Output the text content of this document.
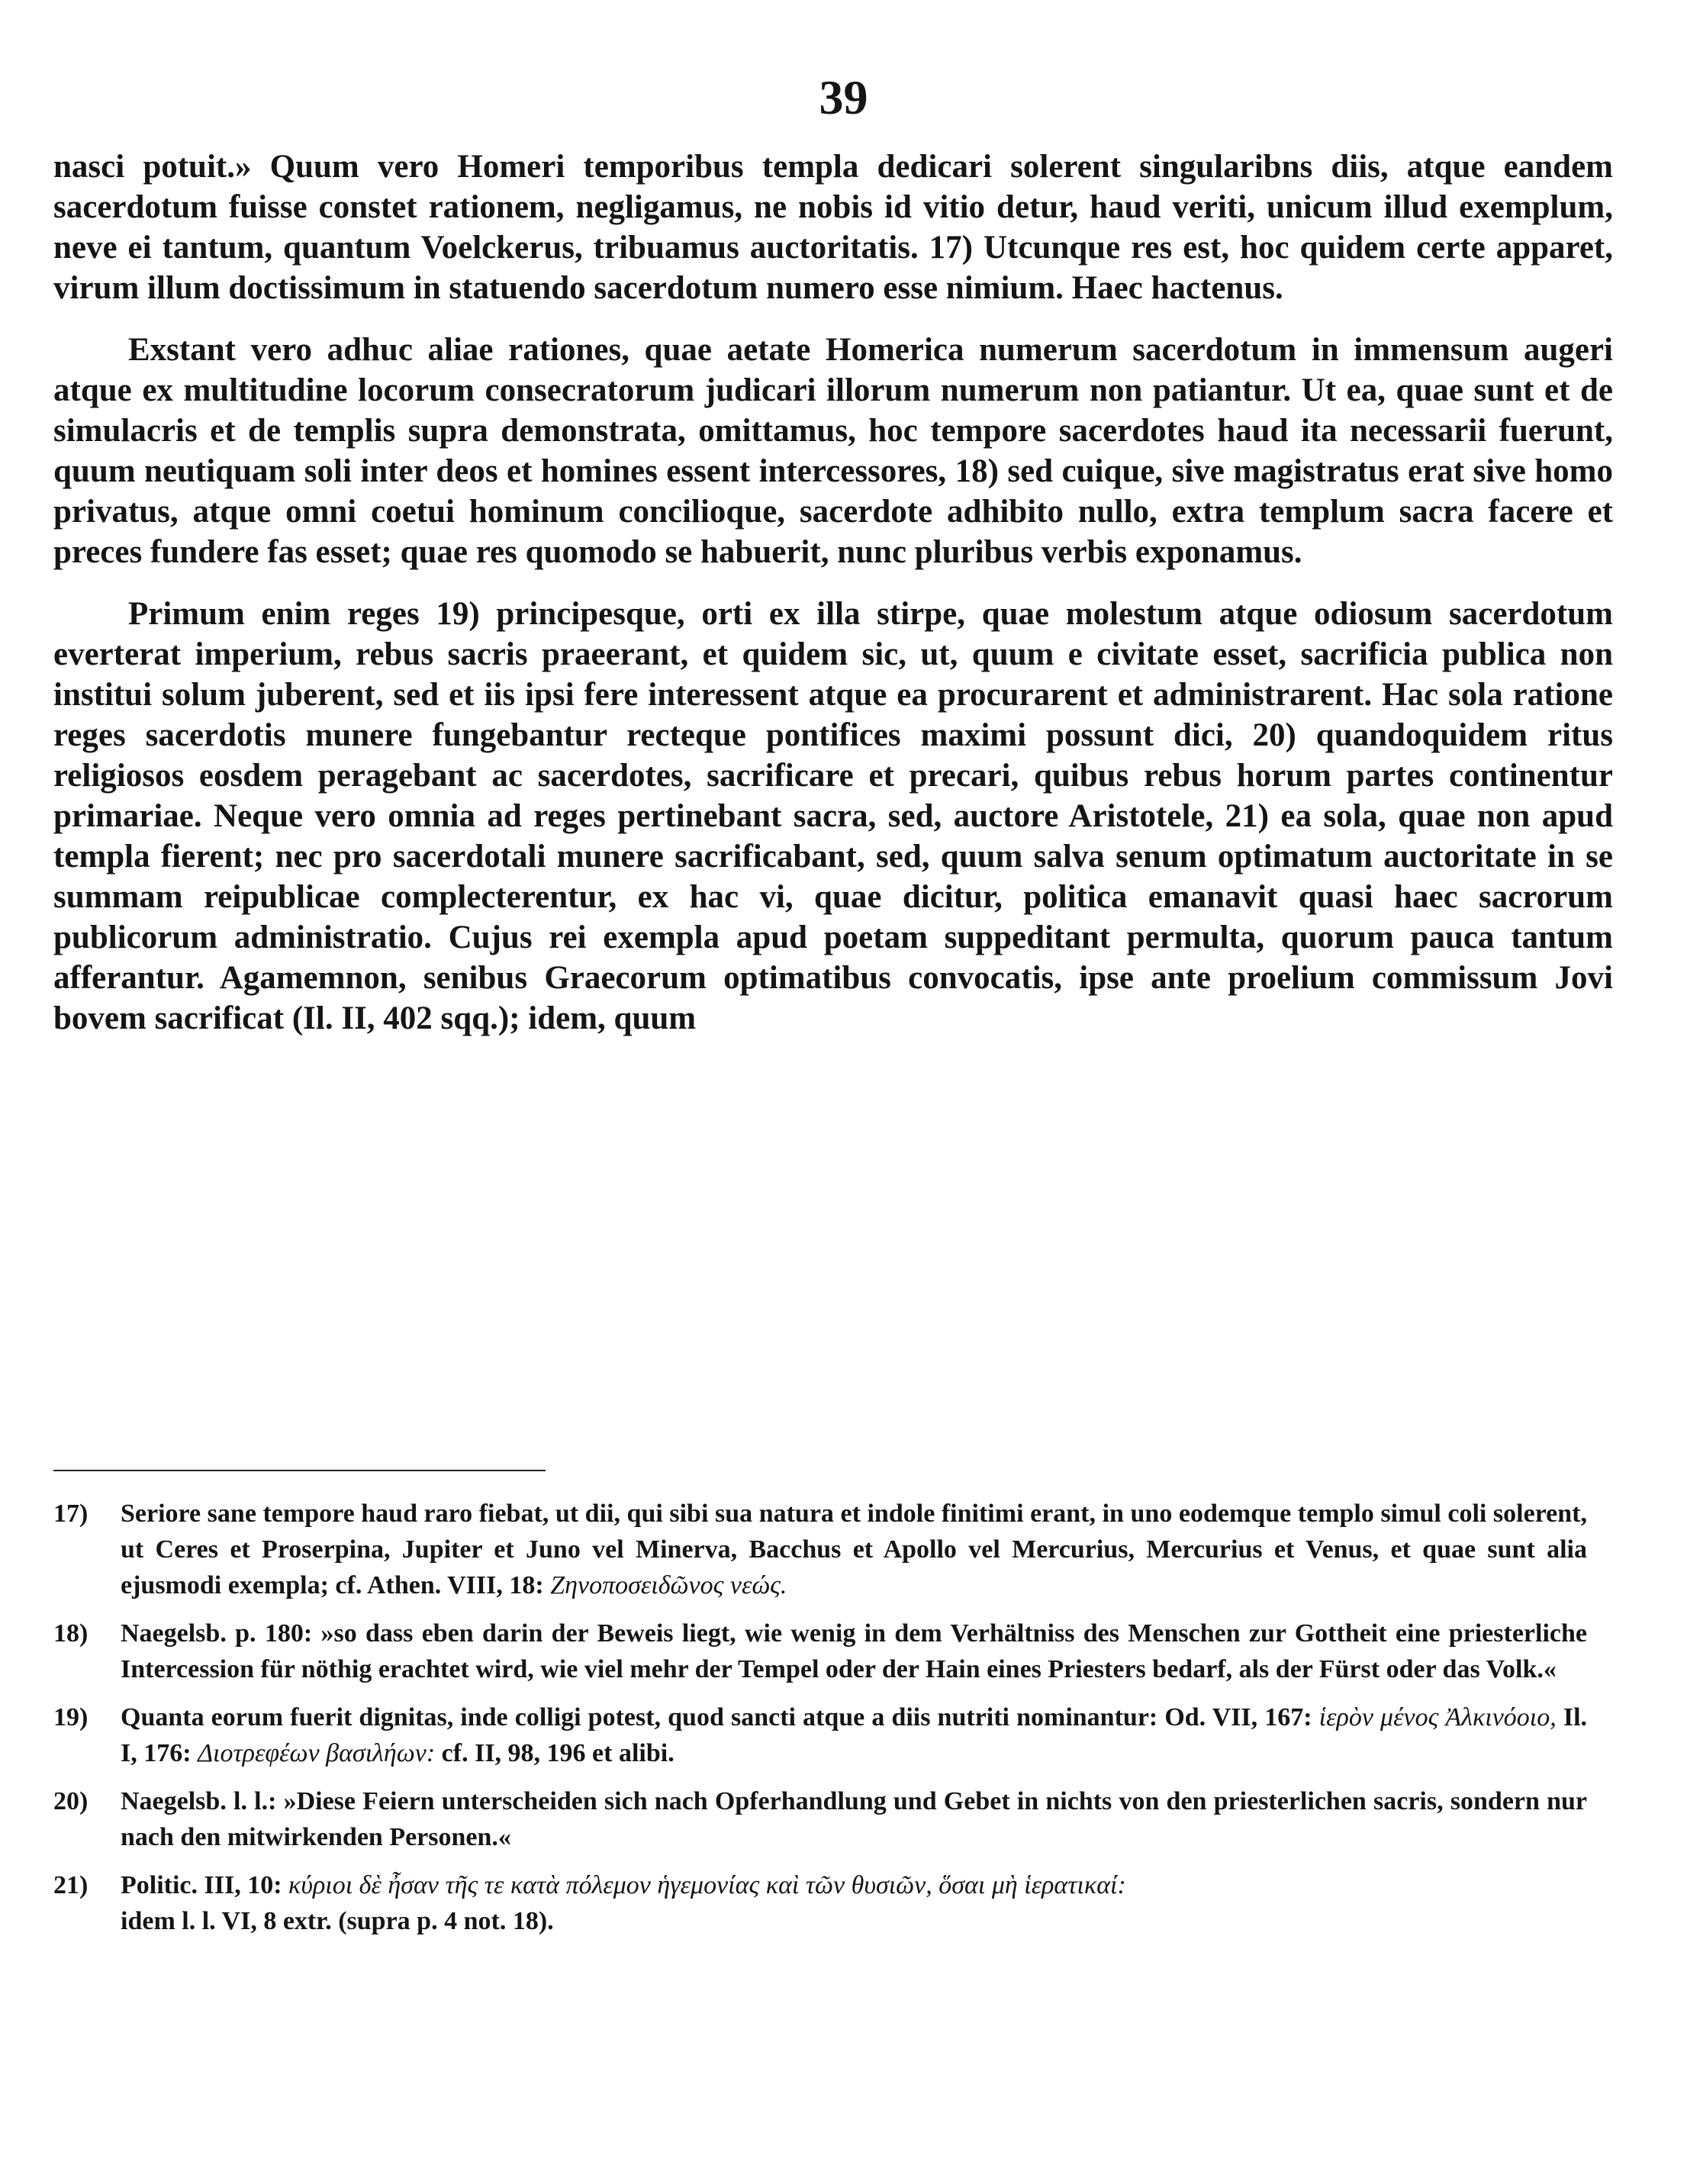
39

nasci potuit.» Quum vero Homeri temporibus templa dedicari solerent singularibns diis, atque eandem sacerdotum fuisse constet rationem, negligamus, ne nobis id vitio detur, haud veriti, unicum illud exemplum, neve ei tantum, quantum Voelckerus, tribuamus auctoritatis. 17) Utcunque res est, hoc quidem certe apparet, virum illum doctissimum in statuendo sacerdotum numero esse nimium. Haec hactenus.

Exstant vero adhuc aliae rationes, quae aetate Homerica numerum sacerdotum in immensum augeri atque ex multitudine locorum consecratorum judicari illorum numerum non patiantur. Ut ea, quae sunt et de simulacris et de templis supra demonstrata, omittamus, hoc tempore sacerdotes haud ita necessarii fuerunt, quum neutiquam soli inter deos et homines essent intercessores, 18) sed cuique, sive magistratus erat sive homo privatus, atque omni coetui hominum concilioque, sacerdote adhibito nullo, extra templum sacra facere et preces fundere fas esset; quae res quomodo se habuerit, nunc pluribus verbis exponamus.

Primum enim reges 19) principesque, orti ex illa stirpe, quae molestum atque odiosum sacerdotum everterat imperium, rebus sacris praeerant, et quidem sic, ut, quum e civitate esset, sacrificia publica non institui solum juberent, sed et iis ipsi fere interessent atque ea procurarent et administrarent. Hac sola ratione reges sacerdotis munere fungebantur recteque pontifices maximi possunt dici, 20) quandoquidem ritus religiosos eosdem peragebant ac sacerdotes, sacrificare et precari, quibus rebus horum partes continentur primariae. Neque vero omnia ad reges pertinebant sacra, sed, auctore Aristotele, 21) ea sola, quae non apud templa fierent; nec pro sacerdotali munere sacrificabant, sed, quum salva senum optimatum auctoritate in se summam reipublicae complecterentur, ex hac vi, quae dicitur, politica emanavit quasi haec sacrorum publicorum administratio. Cujus rei exempla apud poetam suppeditant permulta, quorum pauca tantum afferantur. Agamemnon, senibus Graecorum optimatibus convocatis, ipse ante proelium commissum Jovi bovem sacrificat (Il. II, 402 sqq.); idem, quum

17)	Seriore sane tempore haud raro fiebat, ut dii, qui sibi sua natura et indole finitimi erant, in uno eodemque templo simul coli solerent, ut Ceres et Proserpina, Jupiter et Juno vel Minerva, Bacchus et Apollo vel Mercurius, Mercurius et Venus, et quae sunt alia ejusmodi exempla; cf. Athen. VIII, 18: Ζηνοποσειδῶνος νεώς.
18)	Naegelsb. p. 180: »so dass eben darin der Beweis liegt, wie wenig in dem Verhältniss des Menschen zur Gottheit eine priesterliche Intercession für nöthig erachtet wird, wie viel mehr der Tempel oder der Hain eines Priesters bedarf, als der Fürst oder das Volk.«
19)	Quanta eorum fuerit dignitas, inde colligi potest, quod sancti atque a diis nutriti nominantur: Od. VII, 167: ἱερὸν μένος Ἀλκινόοιο, Il. I, 176: Διοτρεφέων βασιλήων: cf. II, 98, 196 et alibi.
20)	Naegelsb. l. l.: »Diese Feiern unterscheiden sich nach Opferhandlung und Gebet in nichts von den priesterlichen sacris, sondern nur nach den mitwirkenden Personen.«
21)	Politic. III, 10: κύριοι δὲ ἦσαν τῆς τε κατὰ πόλεμον ἡγεμονίας καὶ τῶν θυσιῶν, ὅσαι μὴ ἱερατικαί:
idem l. l. VI, 8 extr. (supra p. 4 not. 18).
